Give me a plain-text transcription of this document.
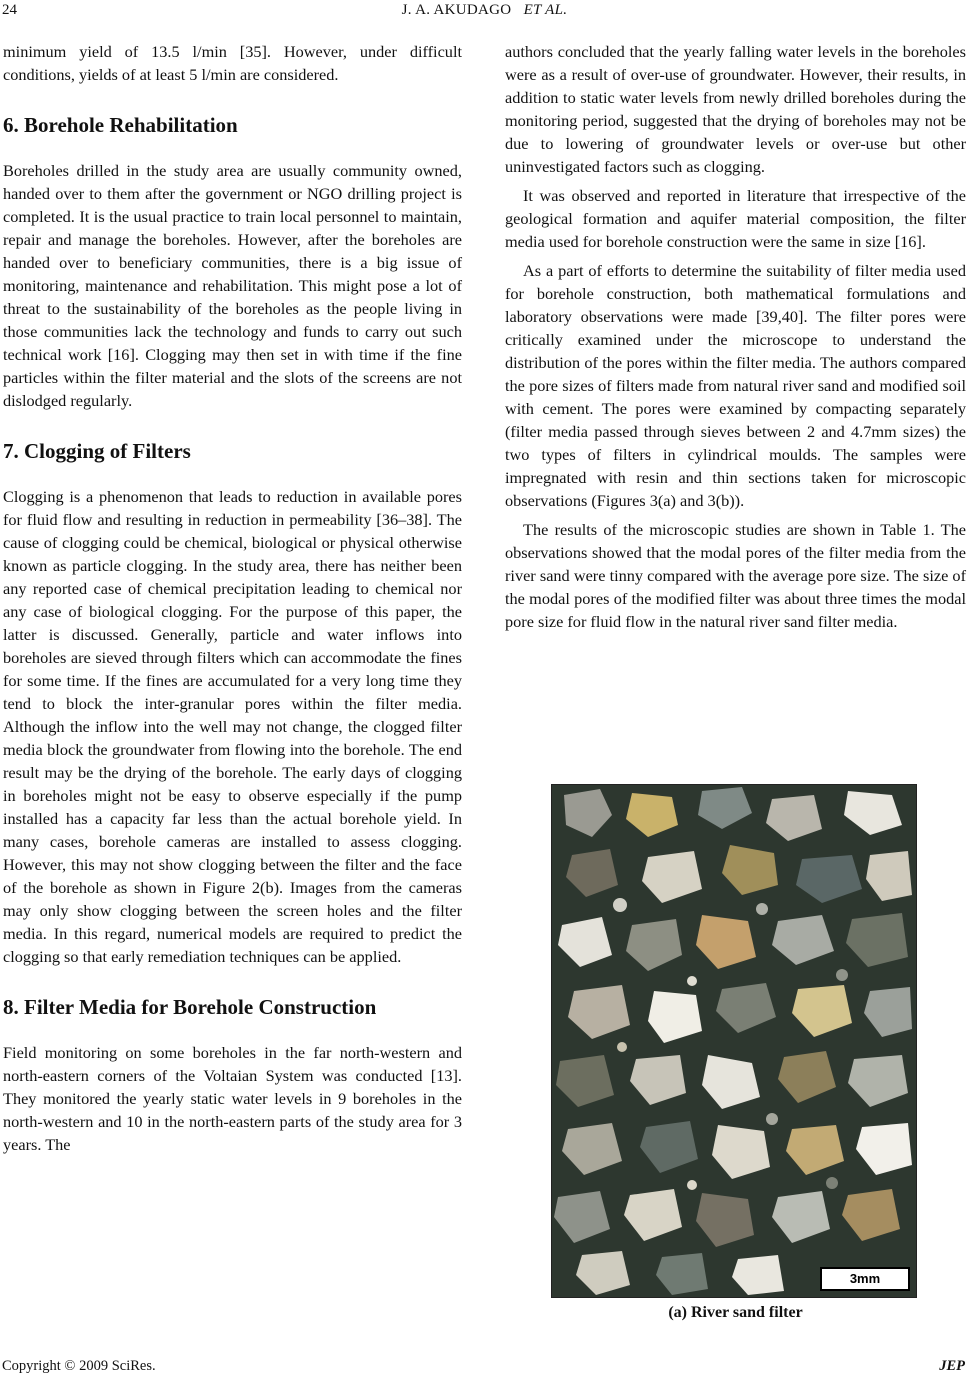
24	J. A. AKUDAGO ET AL.

minimum yield of 13.5 l/min [35]. However, under difficult conditions, yields of at least 5 l/min are considered.

6. Borehole Rehabilitation

Boreholes drilled in the study area are usually community owned, handed over to them after the government or NGO drilling project is completed. It is the usual practice to train local personnel to maintain, repair and manage the boreholes. However, after the boreholes are handed over to beneficiary communities, there is a big issue of monitoring, maintenance and rehabilitation. This might pose a lot of threat to the sustainability of the boreholes as the people living in those communities lack the technology and funds to carry out such technical work [16]. Clogging may then set in with time if the fine particles within the filter material and the slots of the screens are not dislodged regularly.

7. Clogging of Filters

Clogging is a phenomenon that leads to reduction in available pores for fluid flow and resulting in reduction in permeability [36–38]. The cause of clogging could be chemical, biological or physical otherwise known as particle clogging. In the study area, there has neither been any reported case of chemical precipitation leading to chemical nor any case of biological clogging. For the purpose of this paper, the latter is discussed. Generally, particle and water inflows into boreholes are sieved through filters which can accommodate the fines for some time. If the fines are accumulated for a very long time they tend to block the inter-granular pores within the filter media. Although the inflow into the well may not change, the clogged filter media block the groundwater from flowing into the borehole. The end result may be the drying of the borehole. The early days of clogging in boreholes might not be easy to observe especially if the pump installed has a capacity far less than the actual borehole yield. In many cases, borehole cameras are installed to assess clogging. However, this may not show clogging between the filter and the face of the borehole as shown in Figure 2(b). Images from the cameras may only show clogging between the screen holes and the filter media. In this regard, numerical models are required to predict the clogging so that early remediation techniques can be applied.

8. Filter Media for Borehole Construction

Field monitoring on some boreholes in the far north-western and north-eastern corners of the Voltaian System was conducted [13]. They monitored the yearly static water levels in 9 boreholes in the north-western and 10 in the north-eastern parts of the study area for 3 years. The

authors concluded that the yearly falling water levels in the boreholes were as a result of over-use of groundwater. However, their results, in addition to static water levels from newly drilled boreholes during the monitoring period, suggested that the drying of boreholes may not be due to lowering of groundwater levels or over-use but other uninvestigated factors such as clogging.

It was observed and reported in literature that irrespective of the geological formation and aquifer material composition, the filter media used for borehole construction were the same in size [16].

As a part of efforts to determine the suitability of filter media used for borehole construction, both mathematical formulations and laboratory observations were made [39,40]. The filter pores were critically examined under the microscope to understand the distribution of the pores within the filter media. The authors compared the pore sizes of filters made from natural river sand and modified soil with cement. The pores were examined by compacting separately (filter media passed through sieves between 2 and 4.7mm sizes) the two types of filters in cylindrical moulds. The samples were impregnated with resin and thin sections taken for microscopic observations (Figures 3(a) and 3(b)).

The results of the microscopic studies are shown in Table 1. The observations showed that the modal pores of the filter media from the river sand were tinny compared with the average pore size. The size of the modal pores of the modified filter was about three times the modal pore size for fluid flow in the natural river sand filter media.

3mm
(a) River sand filter
Copyright © 2009 SciRes.	JEP
